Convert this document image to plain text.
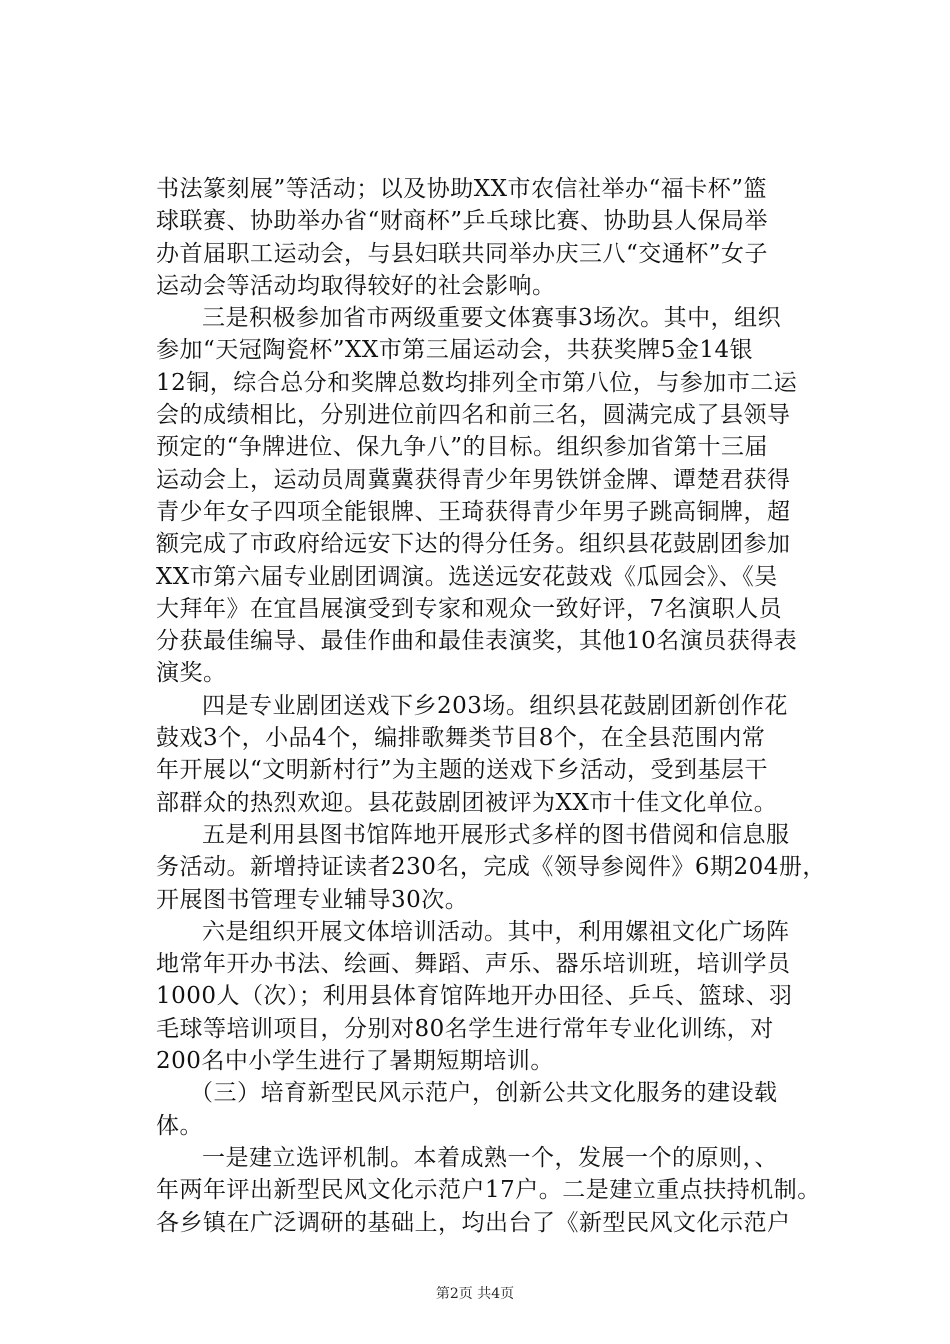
书法篆刻展”等活动；以及协助XX市农信社举办“福卡杯”篮
球联赛、协助举办省“财商杯”乒乓球比赛、协助县人保局举
办首届职工运动会，与县妇联共同举办庆三八“交通杯”女子
运动会等活动均取得较好的社会影响。
三是积极参加省市两级重要文体赛事3场次。其中，组织
参加“天冠陶瓷杯”XX市第三届运动会，共获奖牌5金14银
12铜，综合总分和奖牌总数均排列全市第八位，与参加市二运
会的成绩相比，分别进位前四名和前三名，圆满完成了县领导
预定的“争牌进位、保九争八”的目标。组织参加省第十三届
运动会上，运动员周冀冀获得青少年男铁饼金牌、谭楚君获得
青少年女子四项全能银牌、王琦获得青少年男子跳高铜牌，超
额完成了市政府给远安下达的得分任务。组织县花鼓剧团参加
XX市第六届专业剧团调演。选送远安花鼓戏《瓜园会》、《吴
大拜年》在宜昌展演受到专家和观众一致好评，7名演职人员
分获最佳编导、最佳作曲和最佳表演奖，其他10名演员获得表
演奖。
四是专业剧团送戏下乡203场。组织县花鼓剧团新创作花
鼓戏3个，小品4个，编排歌舞类节目8个，在全县范围内常
年开展以“文明新村行”为主题的送戏下乡活动，受到基层干
部群众的热烈欢迎。县花鼓剧团被评为XX市十佳文化单位。
五是利用县图书馆阵地开展形式多样的图书借阅和信息服
务活动。新增持证读者230名，完成《领导参阅件》6期204册，
开展图书管理专业辅导30次。
六是组织开展文体培训活动。其中，利用嫘祖文化广场阵
地常年开办书法、绘画、舞蹈、声乐、器乐培训班，培训学员
1000人（次）；利用县体育馆阵地开办田径、乒乓、篮球、羽
毛球等培训项目，分别对80名学生进行常年专业化训练，对
200名中小学生进行了暑期短期培训。
（三）培育新型民风示范户，创新公共文化服务的建设载
体。
一是建立选评机制。本着成熟一个，发展一个的原则，、
年两年评出新型民风文化示范户17户。二是建立重点扶持机制。
各乡镇在广泛调研的基础上，均出台了《新型民风文化示范户
第2页 共4页
